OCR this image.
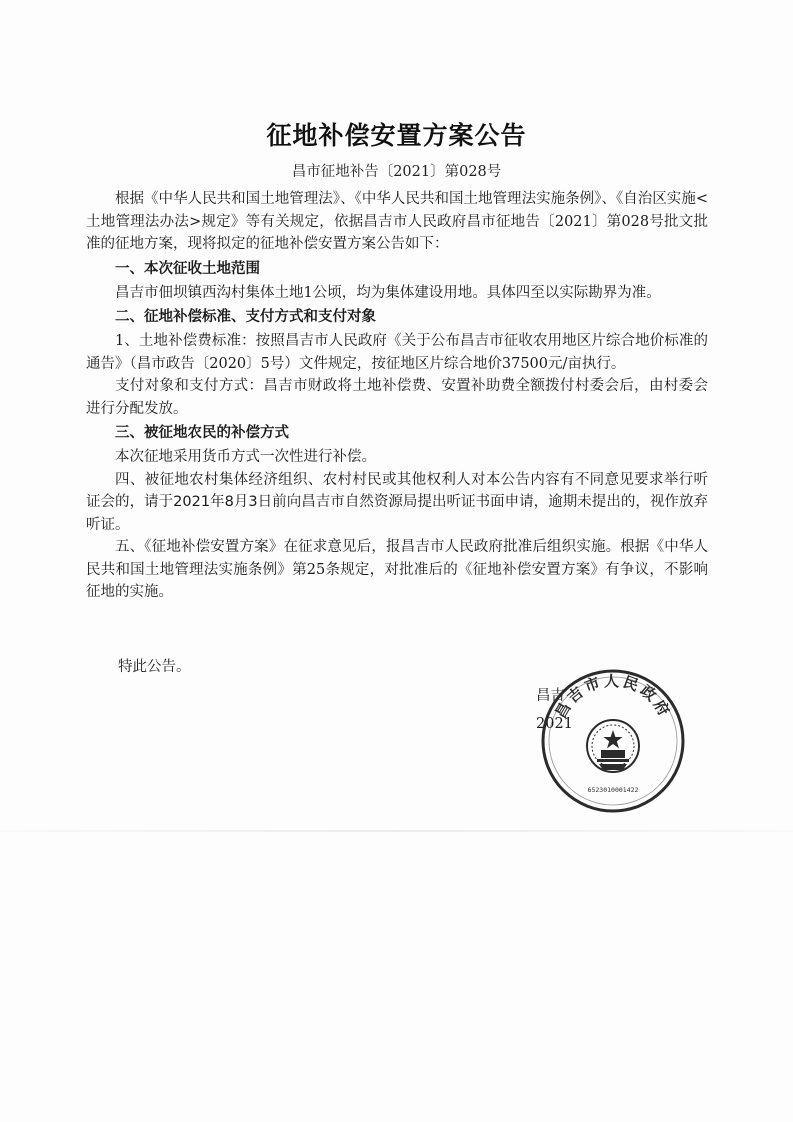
征地补偿安置方案公告
昌市征地补告〔2021〕第028号

根据《中华人民共和国土地管理法》、《中华人民共和国土地管理法实施条例》、《自治区实施<土地管理法办法>规定》等有关规定，依据昌吉市人民政府昌市征地告〔2021〕第028号批文批准的征地方案，现将拟定的征地补偿安置方案公告如下：

一、本次征收土地范围

昌吉市佃坝镇西沟村集体土地1公顷，均为集体建设用地。具体四至以实际勘界为准。

二、征地补偿标准、支付方式和支付对象

1、土地补偿费标准：按照昌吉市人民政府《关于公布昌吉市征收农用地区片综合地价标准的通告》（昌市政告〔2020〕5号）文件规定，按征地区片综合地价37500元/亩执行。

支付对象和支付方式：昌吉市财政将土地补偿费、安置补助费全额拨付村委会后，由村委会进行分配发放。

三、被征地农民的补偿方式

本次征地采用货币方式一次性进行补偿。

四、被征地农村集体经济组织、农村村民或其他权利人对本公告内容有不同意见要求举行听证会的，请于2021年8月3日前向昌吉市自然资源局提出听证书面申请，逾期未提出的，视作放弃听证。

五、《征地补偿安置方案》在征求意见后，报昌吉市人民政府批准后组织实施。根据《中华人民共和国土地管理法实施条例》第25条规定，对批准后的《征地补偿安置方案》有争议，不影响征地的实施。

特此公告。
昌吉
2021
昌吉市人民政府
6523010001422
